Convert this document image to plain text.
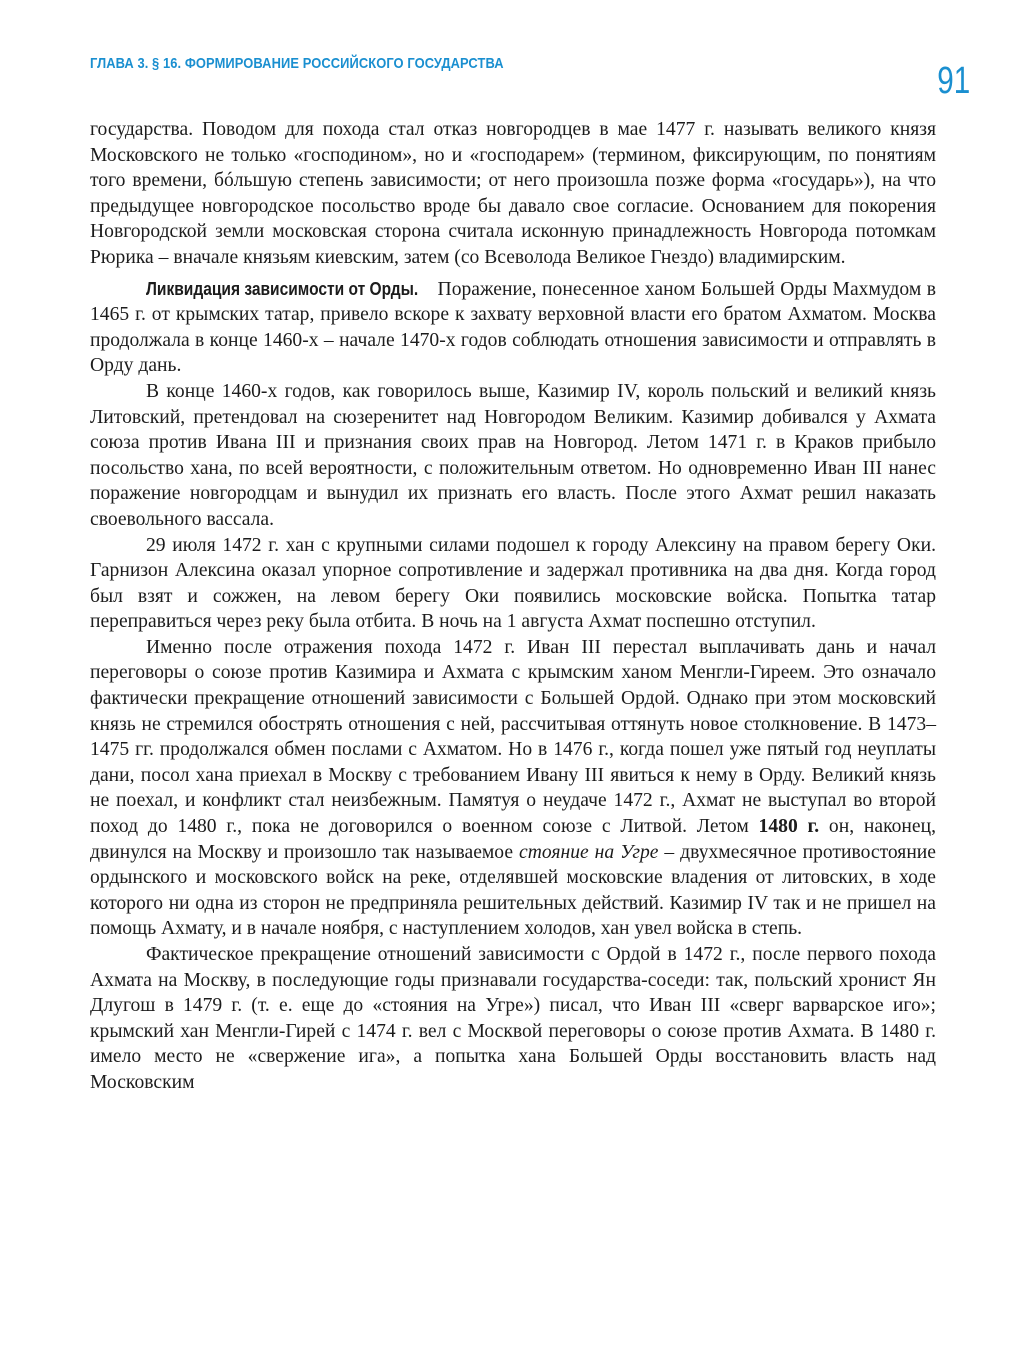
ГЛАВА 3. § 16. ФОРМИРОВАНИЕ РОССИЙСКОГО ГОСУДАРСТВА	91

государства. Поводом для похода стал отказ новгородцев в мае 1477 г. называть великого князя Московского не только «господином», но и «господарем» (термином, фиксирующим, по понятиям того времени, бóльшую степень зависимости; от него произошла позже форма «государь»), на что предыдущее новгородское посольство вроде бы давало свое согласие. Основанием для покорения Новгородской земли московская сторона считала исконную принадлежность Новгорода потомкам Рюрика – вначале князьям киевским, затем (со Всеволода Великое Гнездо) владимирским.

Ликвидация зависимости от Орды. Поражение, понесенное ханом Большей Орды Махмудом в 1465 г. от крымских татар, привело вскоре к захвату верховной власти его братом Ахматом. Москва продолжала в конце 1460-х – начале 1470-х годов соблюдать отношения зависимости и отправлять в Орду дань.

В конце 1460-х годов, как говорилось выше, Казимир IV, король польский и великий князь Литовский, претендовал на сюзеренитет над Новгородом Великим. Казимир добивался у Ахмата союза против Ивана III и признания своих прав на Новгород. Летом 1471 г. в Краков прибыло посольство хана, по всей вероятности, с положительным ответом. Но одновременно Иван III нанес поражение новгородцам и вынудил их признать его власть. После этого Ахмат решил наказать своевольного вассала.

29 июля 1472 г. хан с крупными силами подошел к городу Алексину на правом берегу Оки. Гарнизон Алексина оказал упорное сопротивление и задержал противника на два дня. Когда город был взят и сожжен, на левом берегу Оки появились московские войска. Попытка татар переправиться через реку была отбита. В ночь на 1 августа Ахмат поспешно отступил.

Именно после отражения похода 1472 г. Иван III перестал выплачивать дань и начал переговоры о союзе против Казимира и Ахмата с крымским ханом Менгли-Гиреем. Это означало фактически прекращение отношений зависимости с Большей Ордой. Однако при этом московский князь не стремился обострять отношения с ней, рассчитывая оттянуть новое столкновение. В 1473–1475 гг. продолжался обмен послами с Ахматом. Но в 1476 г., когда пошел уже пятый год неуплаты дани, посол хана приехал в Москву с требованием Ивану III явиться к нему в Орду. Великий князь не поехал, и конфликт стал неизбежным. Памятуя о неудаче 1472 г., Ахмат не выступал во второй поход до 1480 г., пока не договорился о военном союзе с Литвой. Летом 1480 г. он, наконец, двинулся на Москву и произошло так называемое стояние на Угре – двухмесячное противостояние ордынского и московского войск на реке, отделявшей московские владения от литовских, в ходе которого ни одна из сторон не предприняла решительных действий. Казимир IV так и не пришел на помощь Ахмату, и в начале ноября, с наступлением холодов, хан увел войска в степь.

Фактическое прекращение отношений зависимости с Ордой в 1472 г., после первого похода Ахмата на Москву, в последующие годы признавали государства-соседи: так, польский хронист Ян Длугош в 1479 г. (т. е. еще до «стояния на Угре») писал, что Иван III «сверг варварское иго»; крымский хан Менгли-Гирей с 1474 г. вел с Москвой переговоры о союзе против Ахмата. В 1480 г. имело место не «свержение ига», а попытка хана Большей Орды восстановить власть над Московским
